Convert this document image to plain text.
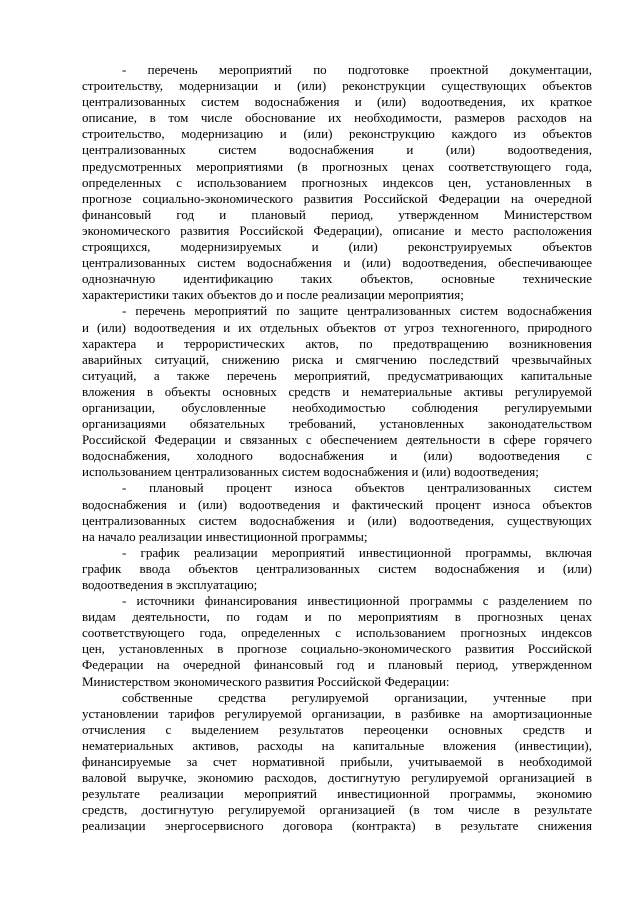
- перечень мероприятий по подготовке проектной документации,
строительству, модернизации и (или) реконструкции существующих объектов
централизованных систем водоснабжения и (или) водоотведения, их краткое
описание, в том числе обоснование их необходимости, размеров расходов на
строительство, модернизацию и (или) реконструкцию каждого из объектов
централизованных систем водоснабжения и (или) водоотведения,
предусмотренных мероприятиями (в прогнозных ценах соответствующего года,
определенных с использованием прогнозных индексов цен, установленных в
прогнозе социально-экономического развития Российской Федерации на очередной
финансовый год и плановый период, утвержденном Министерством
экономического развития Российской Федерации), описание и место расположения
строящихся, модернизируемых и (или) реконструируемых объектов
централизованных систем водоснабжения и (или) водоотведения, обеспечивающее
однозначную идентификацию таких объектов, основные технические
характеристики таких объектов до и после реализации мероприятия;
- перечень мероприятий по защите централизованных систем водоснабжения
и (или) водоотведения и их отдельных объектов от угроз техногенного, природного
характера и террористических актов, по предотвращению возникновения
аварийных ситуаций, снижению риска и смягчению последствий чрезвычайных
ситуаций, а также перечень мероприятий, предусматривающих капитальные
вложения в объекты основных средств и нематериальные активы регулируемой
организации, обусловленные необходимостью соблюдения регулируемыми
организациями обязательных требований, установленных законодательством
Российской Федерации и связанных с обеспечением деятельности в сфере горячего
водоснабжения, холодного водоснабжения и (или) водоотведения с
использованием централизованных систем водоснабжения и (или) водоотведения;
- плановый процент износа объектов централизованных систем
водоснабжения и (или) водоотведения и фактический процент износа объектов
централизованных систем водоснабжения и (или) водоотведения, существующих
на начало реализации инвестиционной программы;
- график реализации мероприятий инвестиционной программы, включая
график ввода объектов централизованных систем водоснабжения и (или)
водоотведения в эксплуатацию;
- источники финансирования инвестиционной программы с разделением по
видам деятельности, по годам и по мероприятиям в прогнозных ценах
соответствующего года, определенных с использованием прогнозных индексов
цен, установленных в прогнозе социально-экономического развития Российской
Федерации на очередной финансовый год и плановый период, утвержденном
Министерством экономического развития Российской Федерации:
собственные средства регулируемой организации, учтенные при
установлении тарифов регулируемой организации, в разбивке на амортизационные
отчисления с выделением результатов переоценки основных средств и
нематериальных активов, расходы на капитальные вложения (инвестиции),
финансируемые за счет нормативной прибыли, учитываемой в необходимой
валовой выручке, экономию расходов, достигнутую регулируемой организацией в
результате реализации мероприятий инвестиционной программы, экономию
средств, достигнутую регулируемой организацией (в том числе в результате
реализации энергосервисного договора (контракта) в результате снижения
